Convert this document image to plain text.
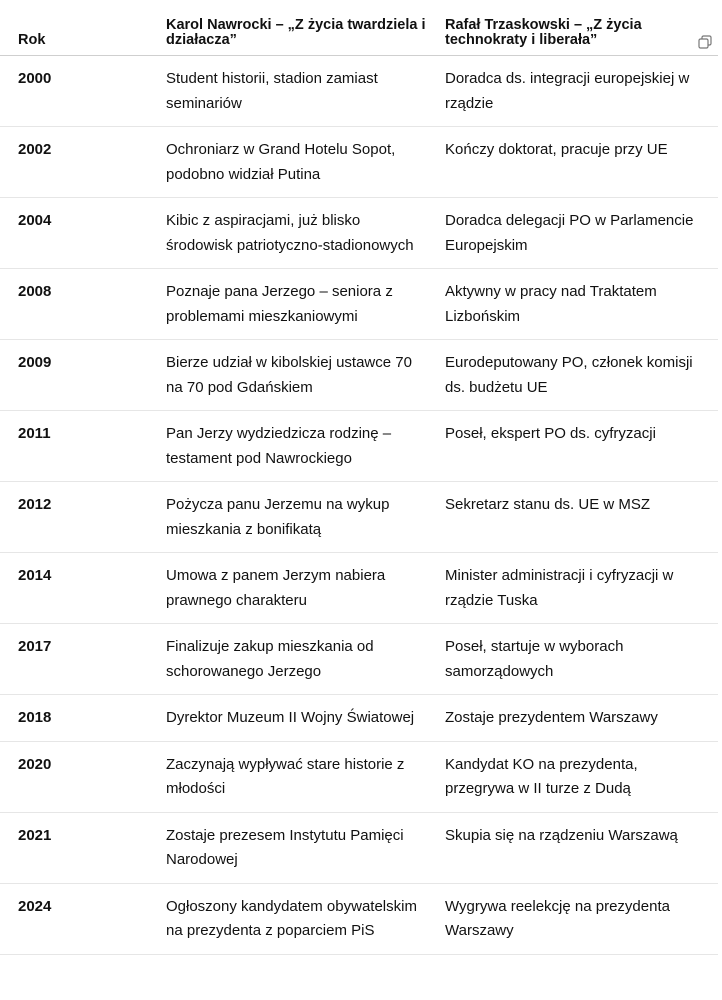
Rok	Karol Nawrocki – „Z życia twardziela i działacza”	Rafał Trzaskowski – „Z życia technokraty i liberała”

2000	Student historii, stadion zamiast seminariów	Doradca ds. integracji europejskiej w rządzie
2002	Ochroniarz w Grand Hotelu Sopot, podobno widział Putina	Kończy doktorat, pracuje przy UE
2004	Kibic z aspiracjami, już blisko środowisk patriotyczno-stadionowych	Doradca delegacji PO w Parlamencie Europejskim
2008	Poznaje pana Jerzego – seniora z problemami mieszkaniowymi	Aktywny w pracy nad Traktatem Lizbońskim
2009	Bierze udział w kibolskiej ustawce 70 na 70 pod Gdańskiem	Eurodeputowany PO, członek komisji ds. budżetu UE
2011	Pan Jerzy wydziedzicza rodzinę – testament pod Nawrockiego	Poseł, ekspert PO ds. cyfryzacji
2012	Pożycza panu Jerzemu na wykup mieszkania z bonifikatą	Sekretarz stanu ds. UE w MSZ
2014	Umowa z panem Jerzym nabiera prawnego charakteru	Minister administracji i cyfryzacji w rządzie Tuska
2017	Finalizuje zakup mieszkania od schorowanego Jerzego	Poseł, startuje w wyborach samorządowych
2018	Dyrektor Muzeum II Wojny Światowej	Zostaje prezydentem Warszawy
2020	Zaczynają wypływać stare historie z młodości	Kandydat KO na prezydenta, przegrywa w II turze z Dudą
2021	Zostaje prezesem Instytutu Pamięci Narodowej	Skupia się na rządzeniu Warszawą
2024	Ogłoszony kandydatem obywatelskim na prezydenta z poparciem PiS	Wygrywa reelekcję na prezydenta Warszawy
